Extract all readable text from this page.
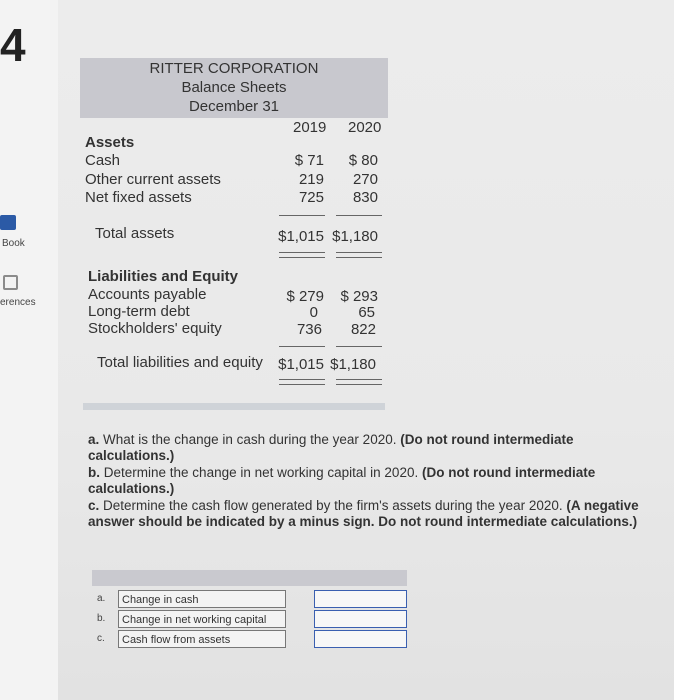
4
Book
erences
RITTER CORPORATION
Balance Sheets
December 31
2019 2020
Assets
Cash	$ 71	$ 80
Other current assets	219	270
Net fixed assets	725	830
Total assets	$1,015 $1,180
Liabilities and Equity
Accounts payable	$ 279	$ 293
Long-term debt	0	65
Stockholders' equity	736	822
Total liabilities and equity	$1,015 $1,180
a. What is the change in cash during the year 2020. (Do not round intermediate calculations.)
b. Determine the change in net working capital in 2020. (Do not round intermediate calculations.)
c. Determine the cash flow generated by the firm's assets during the year 2020. (A negative answer should be indicated by a minus sign. Do not round intermediate calculations.)
a.	Change in cash
b.	Change in net working capital
c.	Cash flow from assets
